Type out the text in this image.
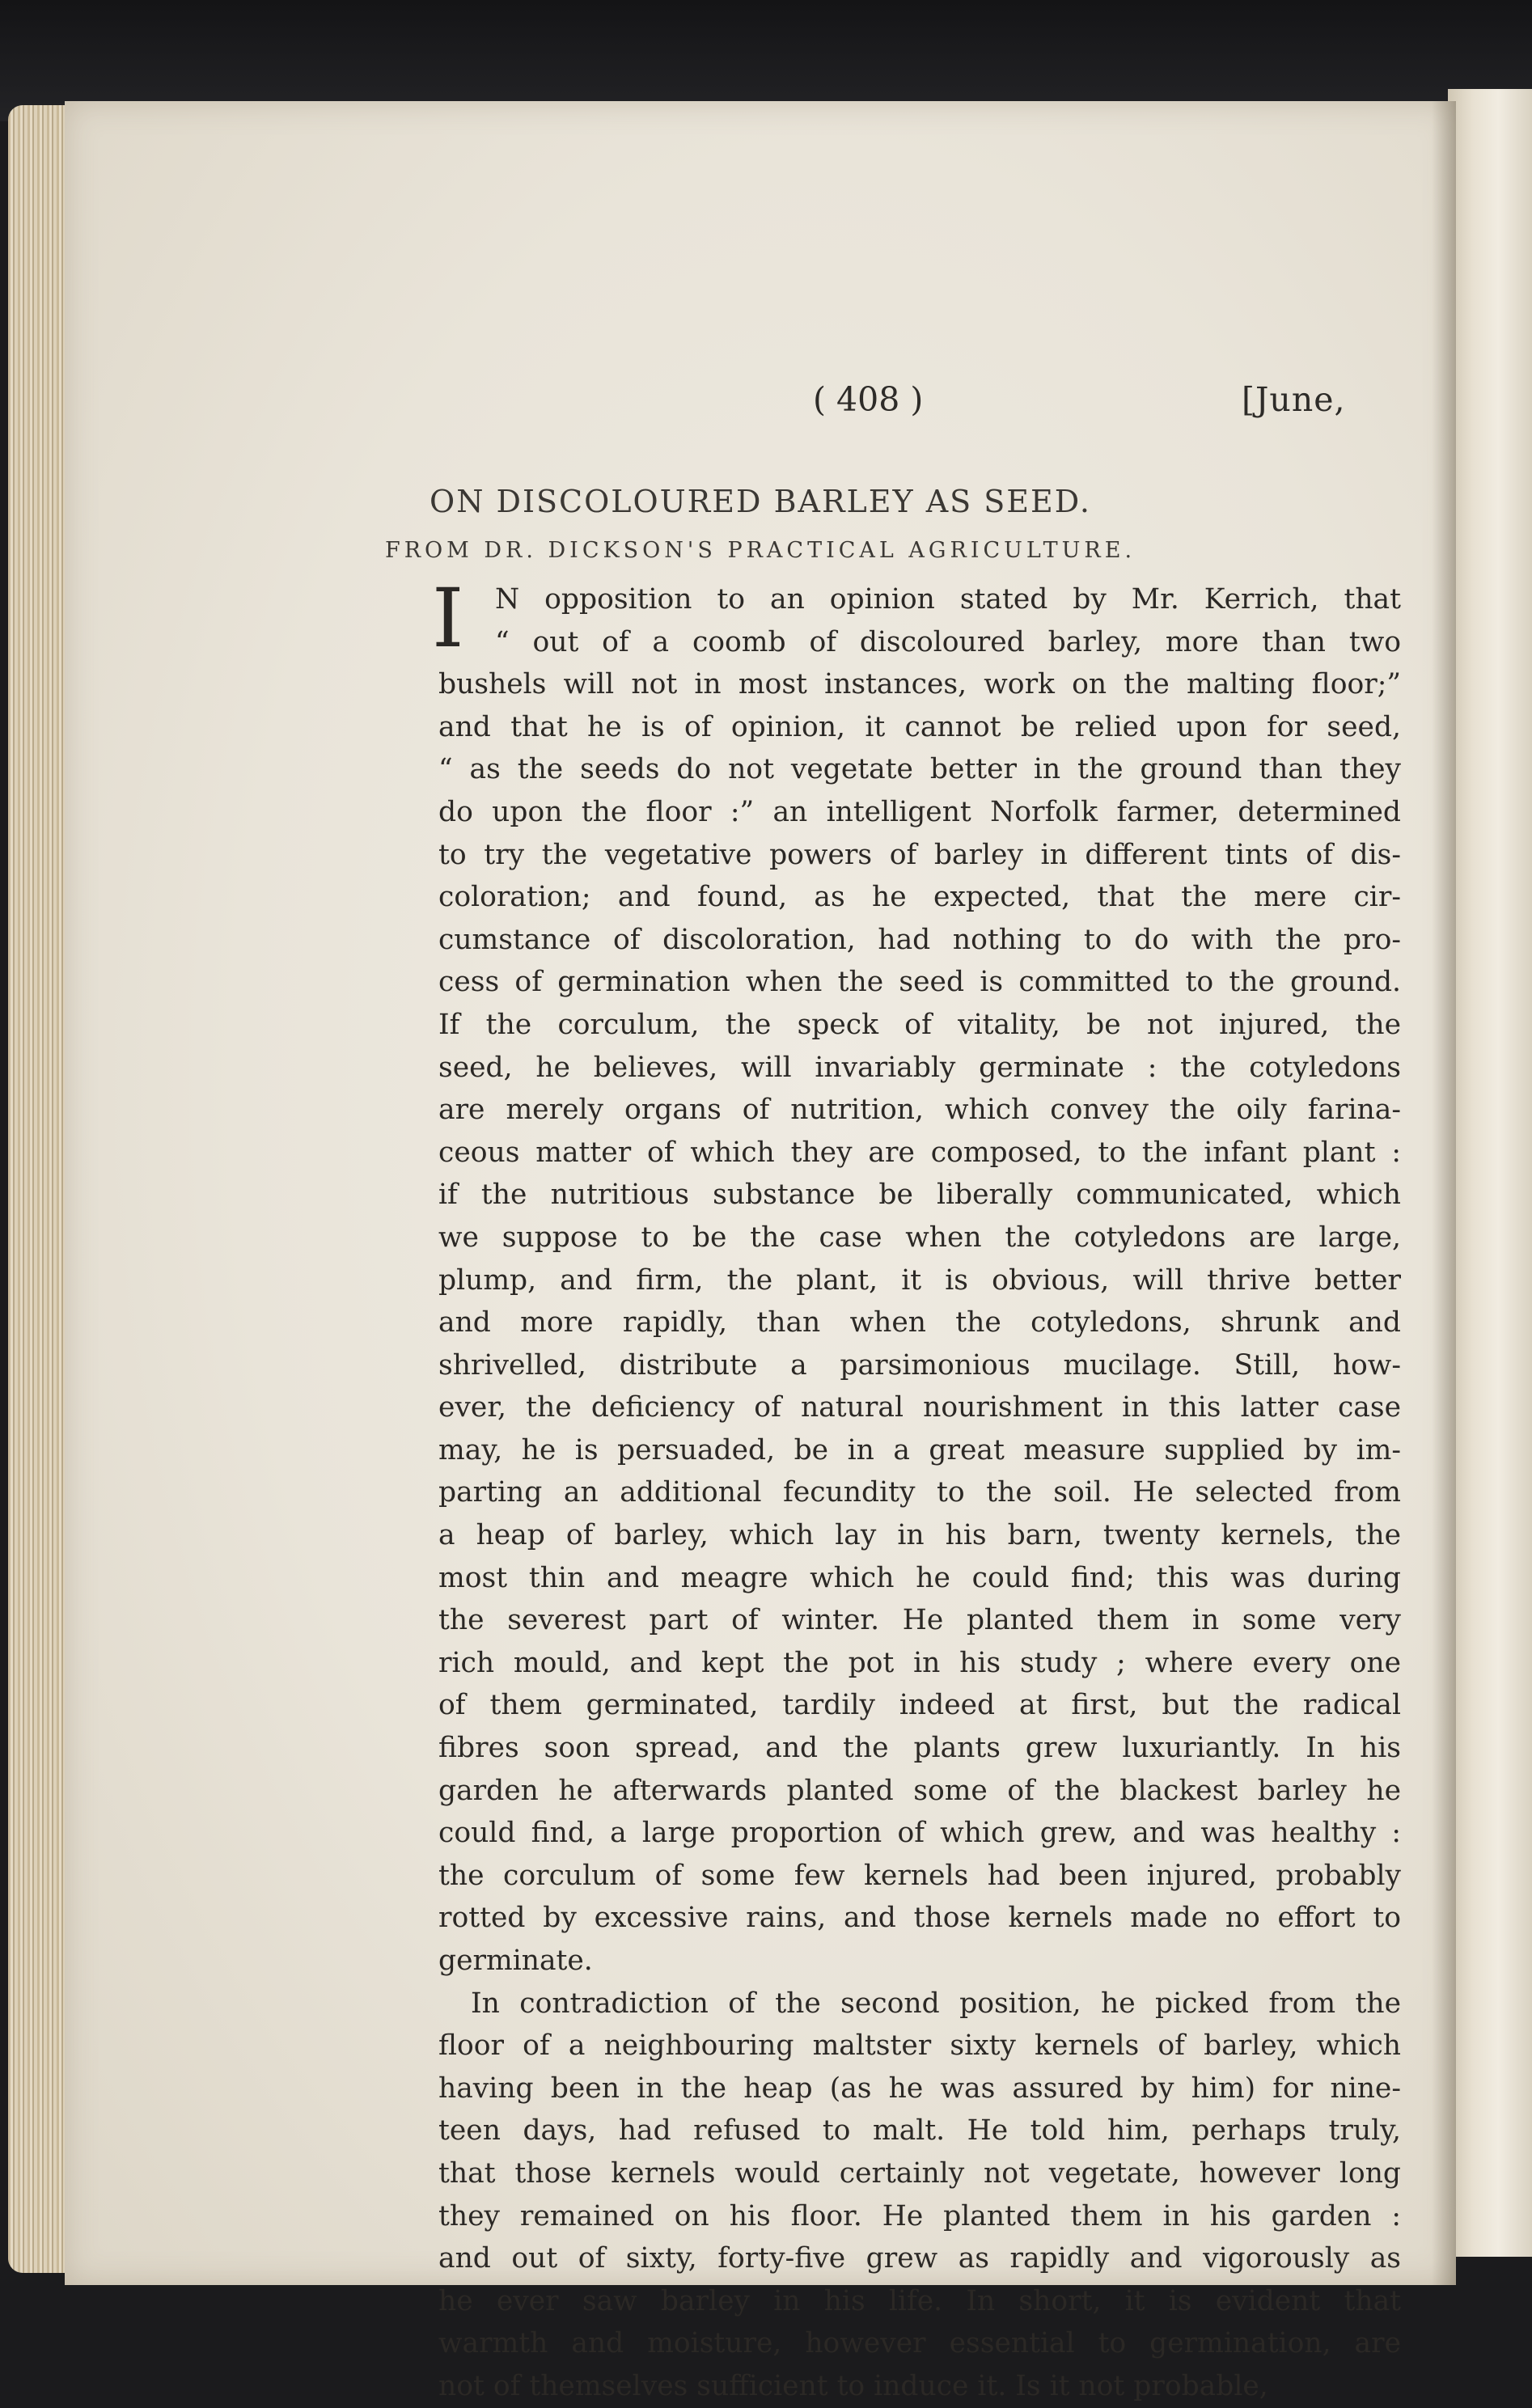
( 408 )	[June,
ON DISCOLOURED BARLEY AS SEED.
FROM DR. DICKSON'S PRACTICAL AGRICULTURE.
I	N opposition to an opinion stated by Mr. Kerrich, that
“ out of a coomb of discoloured barley, more than two
bushels will not in most instances, work on the malting floor;”
and that he is of opinion, it cannot be relied upon for seed,
“ as the seeds do not vegetate better in the ground than they
do upon the floor :” an intelligent Norfolk farmer, determined
to try the vegetative powers of barley in different tints of dis-
coloration; and found, as he expected, that the mere cir-
cumstance of discoloration, had nothing to do with the pro-
cess of germination when the seed is committed to the ground.
If the corculum, the speck of vitality, be not injured, the
seed, he believes, will invariably germinate : the cotyledons
are merely organs of nutrition, which convey the oily farina-
ceous matter of which they are composed, to the infant plant :
if the nutritious substance be liberally communicated, which
we suppose to be the case when the cotyledons are large,
plump, and firm, the plant, it is obvious, will thrive better
and more rapidly, than when the cotyledons, shrunk and
shrivelled, distribute a parsimonious mucilage. Still, how-
ever, the deficiency of natural nourishment in this latter case
may, he is persuaded, be in a great measure supplied by im-
parting an additional fecundity to the soil. He selected from
a heap of barley, which lay in his barn, twenty kernels, the
most thin and meagre which he could find; this was during
the severest part of winter. He planted them in some very
rich mould, and kept the pot in his study ; where every one
of them germinated, tardily indeed at first, but the radical
fibres soon spread, and the plants grew luxuriantly. In his
garden he afterwards planted some of the blackest barley he
could find, a large proportion of which grew, and was healthy :
the corculum of some few kernels had been injured, probably
rotted by excessive rains, and those kernels made no effort to
germinate.
In contradiction of the second position, he picked from the
floor of a neighbouring maltster sixty kernels of barley, which
having been in the heap (as he was assured by him) for nine-
teen days, had refused to malt. He told him, perhaps truly,
that those kernels would certainly not vegetate, however long
they remained on his floor. He planted them in his garden :
and out of sixty, forty-five grew as rapidly and vigorously as
he ever saw barley in his life. In short, it is evident that
warmth and moisture, however essential to germination, are
not of themselves sufficient to induce it. Is it not probable,
